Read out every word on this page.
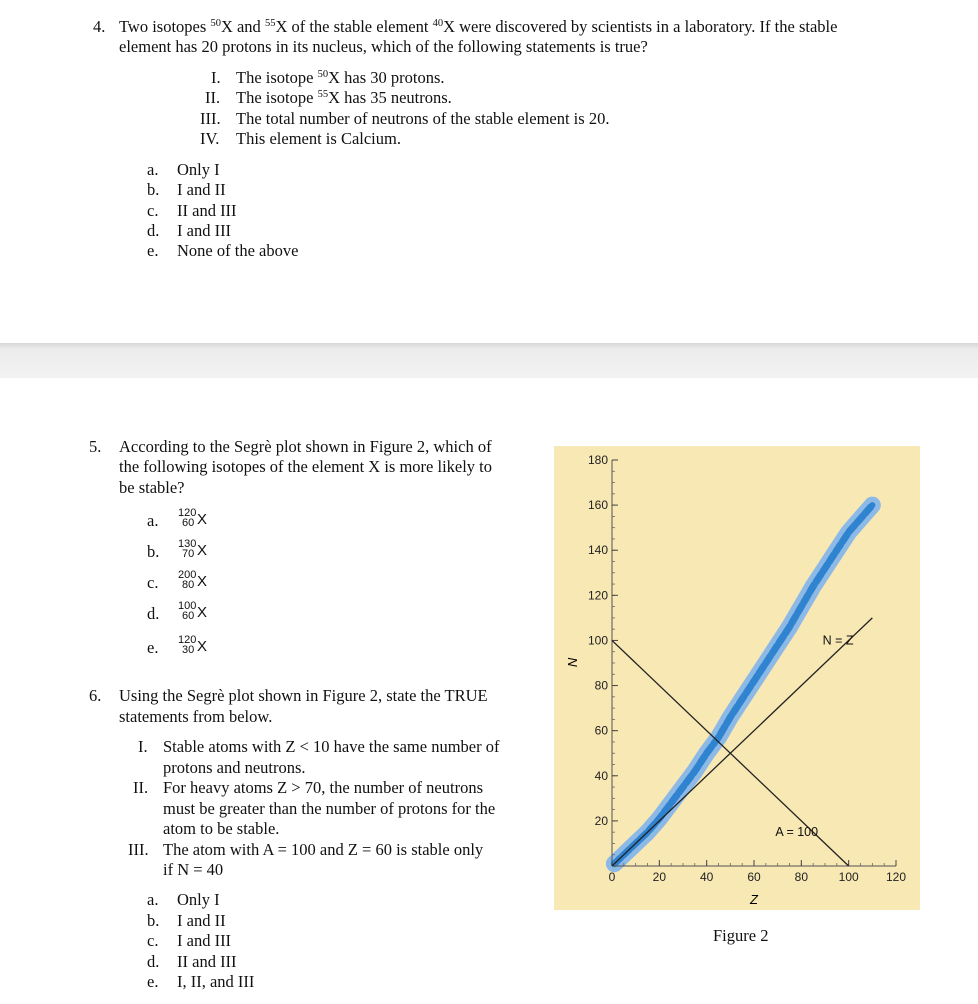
4. Two isotopes $^{50}$X and $^{55}$X of the stable element $^{40}$X were discovered by scientists in a laboratory. If the stable
element has 20 protons in its nucleus, which of the following statements is true?
I. The isotope $^{50}$X has 30 protons.
II. The isotope $^{55}$X has 35 neutrons.
III. The total number of neutrons of the stable element is 20.
IV. This element is Calcium.
a. Only I
b. I and II
c. II and III
d. I and III
e. None of the above
5. According to the Segrè plot shown in Figure 2, which of
the following isotopes of the element X is more likely to
be stable?
a. 120
60 X
b. 130
70 X
c. 200
80 X
d. 100
60 X
e. 120
30 X
6. Using the Segrè plot shown in Figure 2, state the TRUE
statements from below.
I. Stable atoms with Z < 10 have the same number of
protons and neutrons.
II. For heavy atoms Z > 70, the number of neutrons
must be greater than the number of protons for the
atom to be stable.
III. The atom with A = 100 and Z = 60 is stable only
if N = 40
a. Only I
b. I and II
c. I and III
d. II and III
e. I, II, and III
20
40
60
80
100
120
140
160
180
0	20	40	60	80	100 120
N = Z
A = 100
Z
N
Figure 2
